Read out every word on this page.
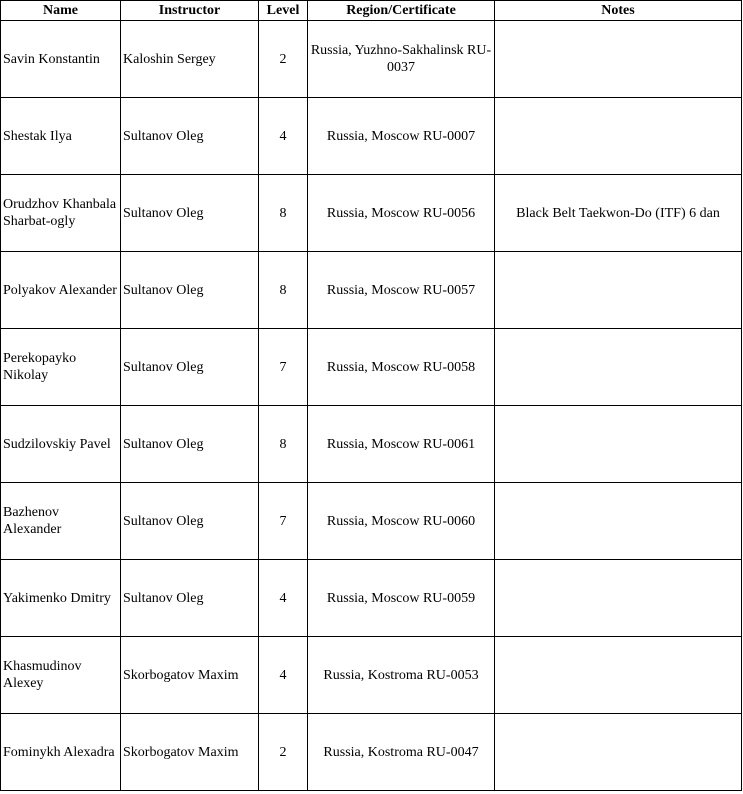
Name	Instructor	Level	Region/Certificate	Notes
Savin Konstantin	Kaloshin Sergey	2	Russia, Yuzhno-Sakhalinsk RU-0037	
Shestak Ilya	Sultanov Oleg	4	Russia, Moscow RU-0007	
Orudzhov Khanbala Sharbat-ogly	Sultanov Oleg	8	Russia, Moscow RU-0056	Black Belt Taekwon-Do (ITF) 6 dan
Polyakov Alexander	Sultanov Oleg	8	Russia, Moscow RU-0057	
Perekopayko Nikolay	Sultanov Oleg	7	Russia, Moscow RU-0058	
Sudzilovskiy Pavel	Sultanov Oleg	8	Russia, Moscow RU-0061	
Bazhenov Alexander	Sultanov Oleg	7	Russia, Moscow RU-0060	
Yakimenko Dmitry	Sultanov Oleg	4	Russia, Moscow RU-0059	
Khasmudinov Alexey	Skorbogatov Maxim	4	Russia, Kostroma RU-0053	
Fominykh Alexadra	Skorbogatov Maxim	2	Russia, Kostroma RU-0047	
